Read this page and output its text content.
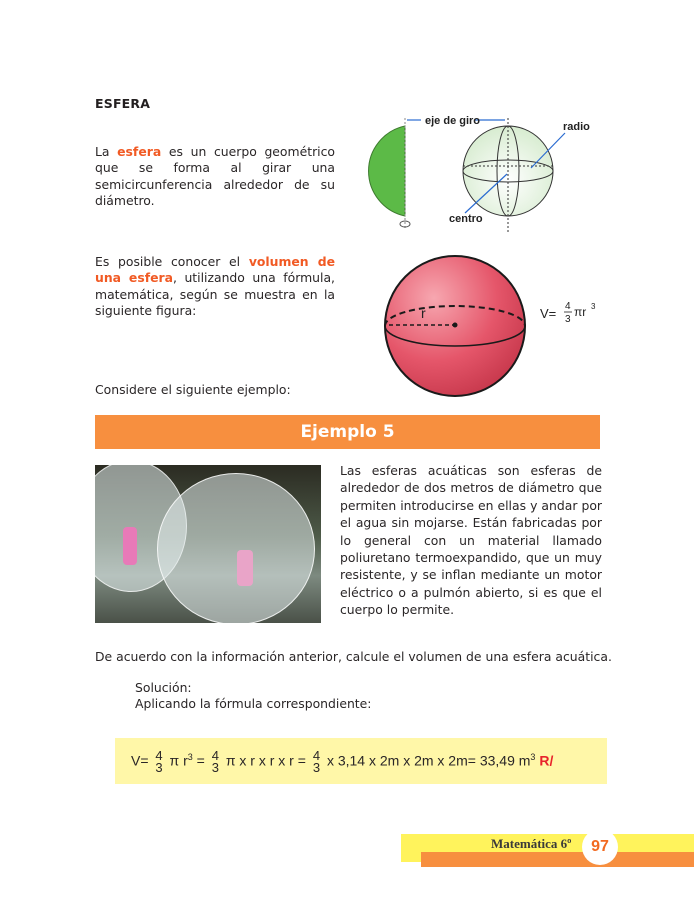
ESFERA
La esfera es un cuerpo geométrico que se forma al girar una semicircunferencia alrededor de su diámetro.
eje de giro	radio
centro
Es posible conocer el volumen de una esfera, utilizando una fórmula, matemática, según se muestra en la siguiente figura:	r	V= 4
3
πr 3
Considere el siguiente ejemplo:
Ejemplo 5
Las esferas acuáticas son esferas de alrededor de dos metros de diámetro que permiten introducirse en ellas y andar por el agua sin mojarse. Están fabricadas por lo general con un material llamado poliuretano termoexpandido, que un muy resistente, y se inflan mediante un motor eléctrico o a pulmón abierto, si es que el cuerpo lo permite.
De acuerdo con la información anterior, calcule el volumen de una esfera acuática.
Solución:
Aplicando la fórmula correspondiente:
V= 4
3 π $r^3 = 4$
3 π x r x r x r = 4
3 x 3,14 x 2m x 2m x 2m= 33,49 $m^3$ R/
Matemática 6º	97
